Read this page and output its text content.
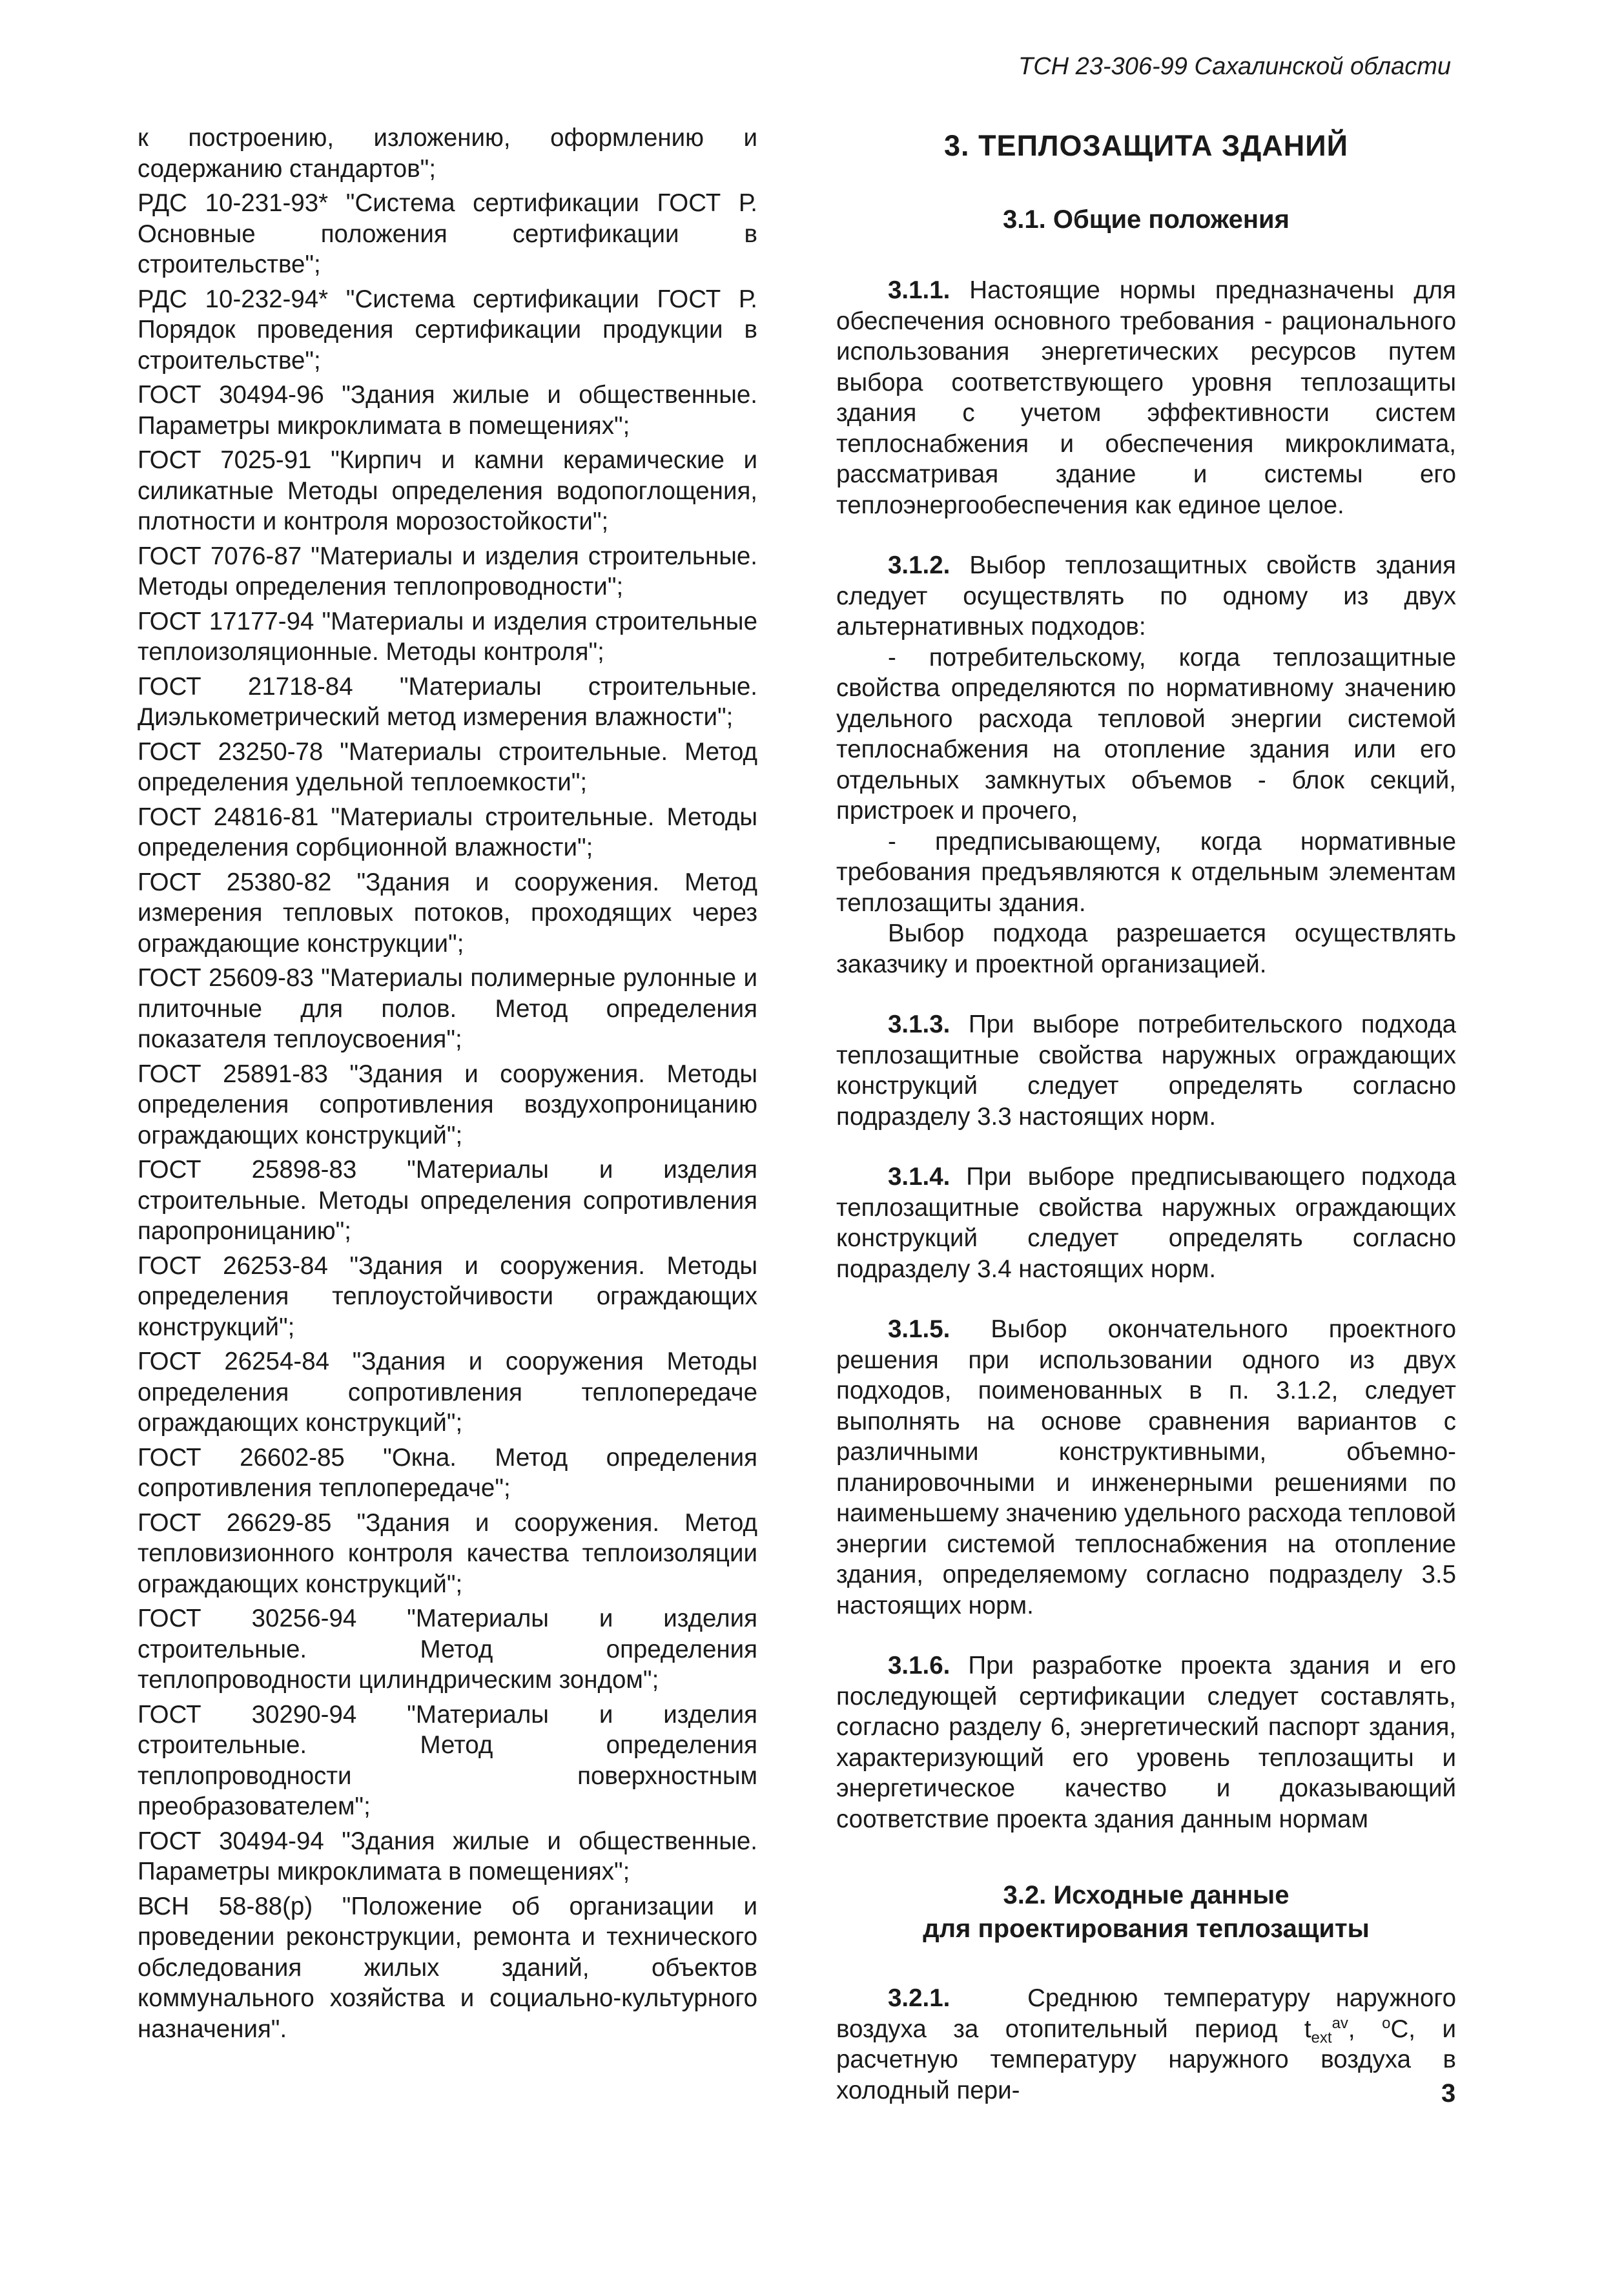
ТСН 23-306-99 Сахалинской области

к построению, изложению, оформлению и содержанию стандартов";

РДС 10-231-93* "Система сертификации ГОСТ Р. Основные положения сертификации в строительстве";

РДС 10-232-94* "Система сертификации ГОСТ Р. Порядок проведения сертификации продукции в строительстве";

ГОСТ 30494-96 "Здания жилые и общественные. Параметры микроклимата в помещениях";

ГОСТ 7025-91 "Кирпич и камни керамические и силикатные Методы определения водопоглощения, плотности и контроля морозостойкости";

ГОСТ 7076-87 "Материалы и изделия строительные. Методы определения теплопроводности";

ГОСТ 17177-94 "Материалы и изделия строительные теплоизоляционные. Методы контроля";

ГОСТ 21718-84 "Материалы строительные. Диэлькометрический метод измерения влажности";

ГОСТ 23250-78 "Материалы строительные. Метод определения удельной теплоемкости";

ГОСТ 24816-81 "Материалы строительные. Методы определения сорбционной влажности";

ГОСТ 25380-82 "Здания и сооружения. Метод измерения тепловых потоков, проходящих через ограждающие конструкции";

ГОСТ 25609-83 "Материалы полимерные рулонные и плиточные для полов. Метод определения показателя теплоусвоения";

ГОСТ 25891-83 "Здания и сооружения. Методы определения сопротивления воздухопроницанию ограждающих конструкций";

ГОСТ 25898-83 "Материалы и изделия строительные. Методы определения сопротивления паропроницанию";

ГОСТ 26253-84 "Здания и сооружения. Методы определения теплоустойчивости ограждающих конструкций";

ГОСТ 26254-84 "Здания и сооружения Методы определения сопротивления теплопередаче ограждающих конструкций";

ГОСТ 26602-85 "Окна. Метод определения сопротивления теплопередаче";

ГОСТ 26629-85 "Здания и сооружения. Метод тепловизионного контроля качества теплоизоляции ограждающих конструкций";

ГОСТ 30256-94 "Материалы и изделия строительные. Метод определения теплопроводности цилиндрическим зондом";

ГОСТ 30290-94 "Материалы и изделия строительные. Метод определения теплопроводности поверхностным преобразователем";

ГОСТ 30494-94 "Здания жилые и общественные. Параметры микроклимата в помещениях";

ВСН 58-88(р) "Положение об организации и проведении реконструкции, ремонта и технического обследования жилых зданий, объектов коммунального хозяйства и социально-культурного назначения".

3. ТЕПЛОЗАЩИТА ЗДАНИЙ
3.1. Общие положения

3.1.1. Настоящие нормы предназначены для обеспечения основного требования - рационального использования энергетических ресурсов путем выбора соответствующего уровня теплозащиты здания с учетом эффективности систем теплоснабжения и обеспечения микроклимата, рассматривая здание и системы его теплоэнергообеспечения как единое целое.

3.1.2. Выбор теплозащитных свойств здания следует осуществлять по одному из двух альтернативных подходов:

- потребительскому, когда теплозащитные свойства определяются по нормативному значению удельного расхода тепловой энергии системой теплоснабжения на отопление здания или его отдельных замкнутых объемов - блок секций, пристроек и прочего,

- предписывающему, когда нормативные требования предъявляются к отдельным элементам теплозащиты здания.

Выбор подхода разрешается осуществлять заказчику и проектной организацией.

3.1.3. При выборе потребительского подхода теплозащитные свойства наружных ограждающих конструкций следует определять согласно подразделу 3.3 настоящих норм.

3.1.4. При выборе предписывающего подхода теплозащитные свойства наружных ограждающих конструкций следует определять согласно подразделу 3.4 настоящих норм.

3.1.5. Выбор окончательного проектного решения при использовании одного из двух подходов, поименованных в п. 3.1.2, следует выполнять на основе сравнения вариантов с различными конструктивными, объемно-планировочными и инженерными решениями по наименьшему значению удельного расхода тепловой энергии системой теплоснабжения на отопление здания, определяемому согласно подразделу 3.5 настоящих норм.

3.1.6. При разработке проекта здания и его последующей сертификации следует составлять, согласно разделу 6, энергетический паспорт здания, характеризующий его уровень теплозащиты и энергетическое качество и доказывающий соответствие проекта здания данным нормам

3.2. Исходные данные
для проектирования теплозащиты

3.2.1.	Среднюю температуру наружного воздуха за отопительный период $t_{ext}^{av}$, $^o$С, и расчетную температуру наружного воздуха в холодный пери-	3
